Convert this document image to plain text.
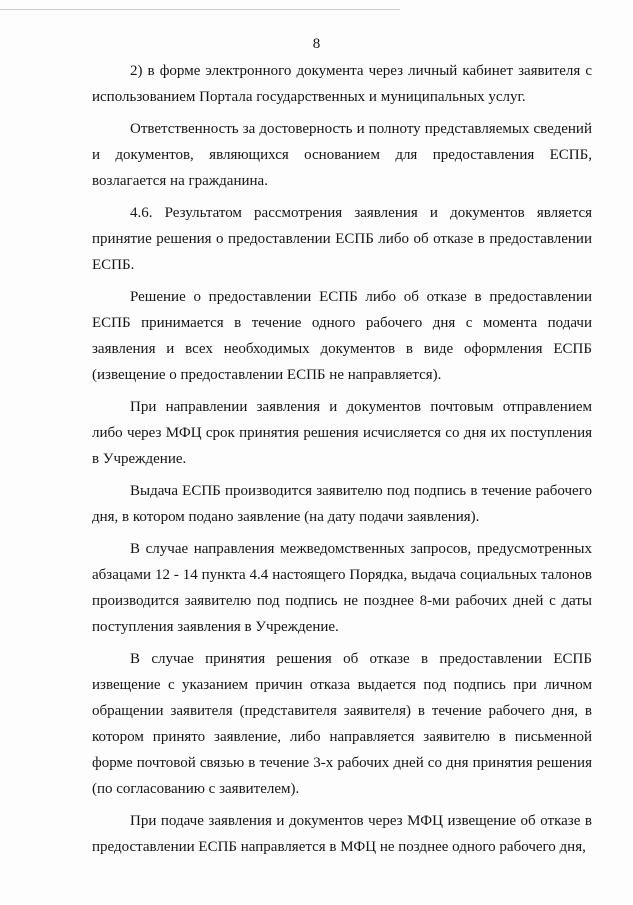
8

2) в форме электронного документа через личный кабинет заявителя с использованием Портала государственных и муниципальных услуг.

Ответственность за достоверность и полноту представляемых сведений и документов, являющихся основанием для предоставления ЕСПБ, возлагается на гражданина.

4.6. Результатом рассмотрения заявления и документов является принятие решения о предоставлении ЕСПБ либо об отказе в предоставлении ЕСПБ.

Решение о предоставлении ЕСПБ либо об отказе в предоставлении ЕСПБ принимается в течение одного рабочего дня с момента подачи заявления и всех необходимых документов в виде оформления ЕСПБ (извещение о предоставлении ЕСПБ не направляется).

При направлении заявления и документов почтовым отправлением либо через МФЦ срок принятия решения исчисляется со дня их поступления в Учреждение.

Выдача ЕСПБ производится заявителю под подпись в течение рабочего дня, в котором подано заявление (на дату подачи заявления).

В случае направления межведомственных запросов, предусмотренных абзацами 12 - 14 пункта 4.4 настоящего Порядка, выдача социальных талонов производится заявителю под подпись не позднее 8-ми рабочих дней с даты поступления заявления в Учреждение.

В случае принятия решения об отказе в предоставлении ЕСПБ извещение с указанием причин отказа выдается под подпись при личном обращении заявителя (представителя заявителя) в течение рабочего дня, в котором принято заявление, либо направляется заявителю в письменной форме почтовой связью в течение 3-х рабочих дней со дня принятия решения (по согласованию с заявителем).

При подаче заявления и документов через МФЦ извещение об отказе в предоставлении ЕСПБ направляется в МФЦ не позднее одного рабочего дня,
